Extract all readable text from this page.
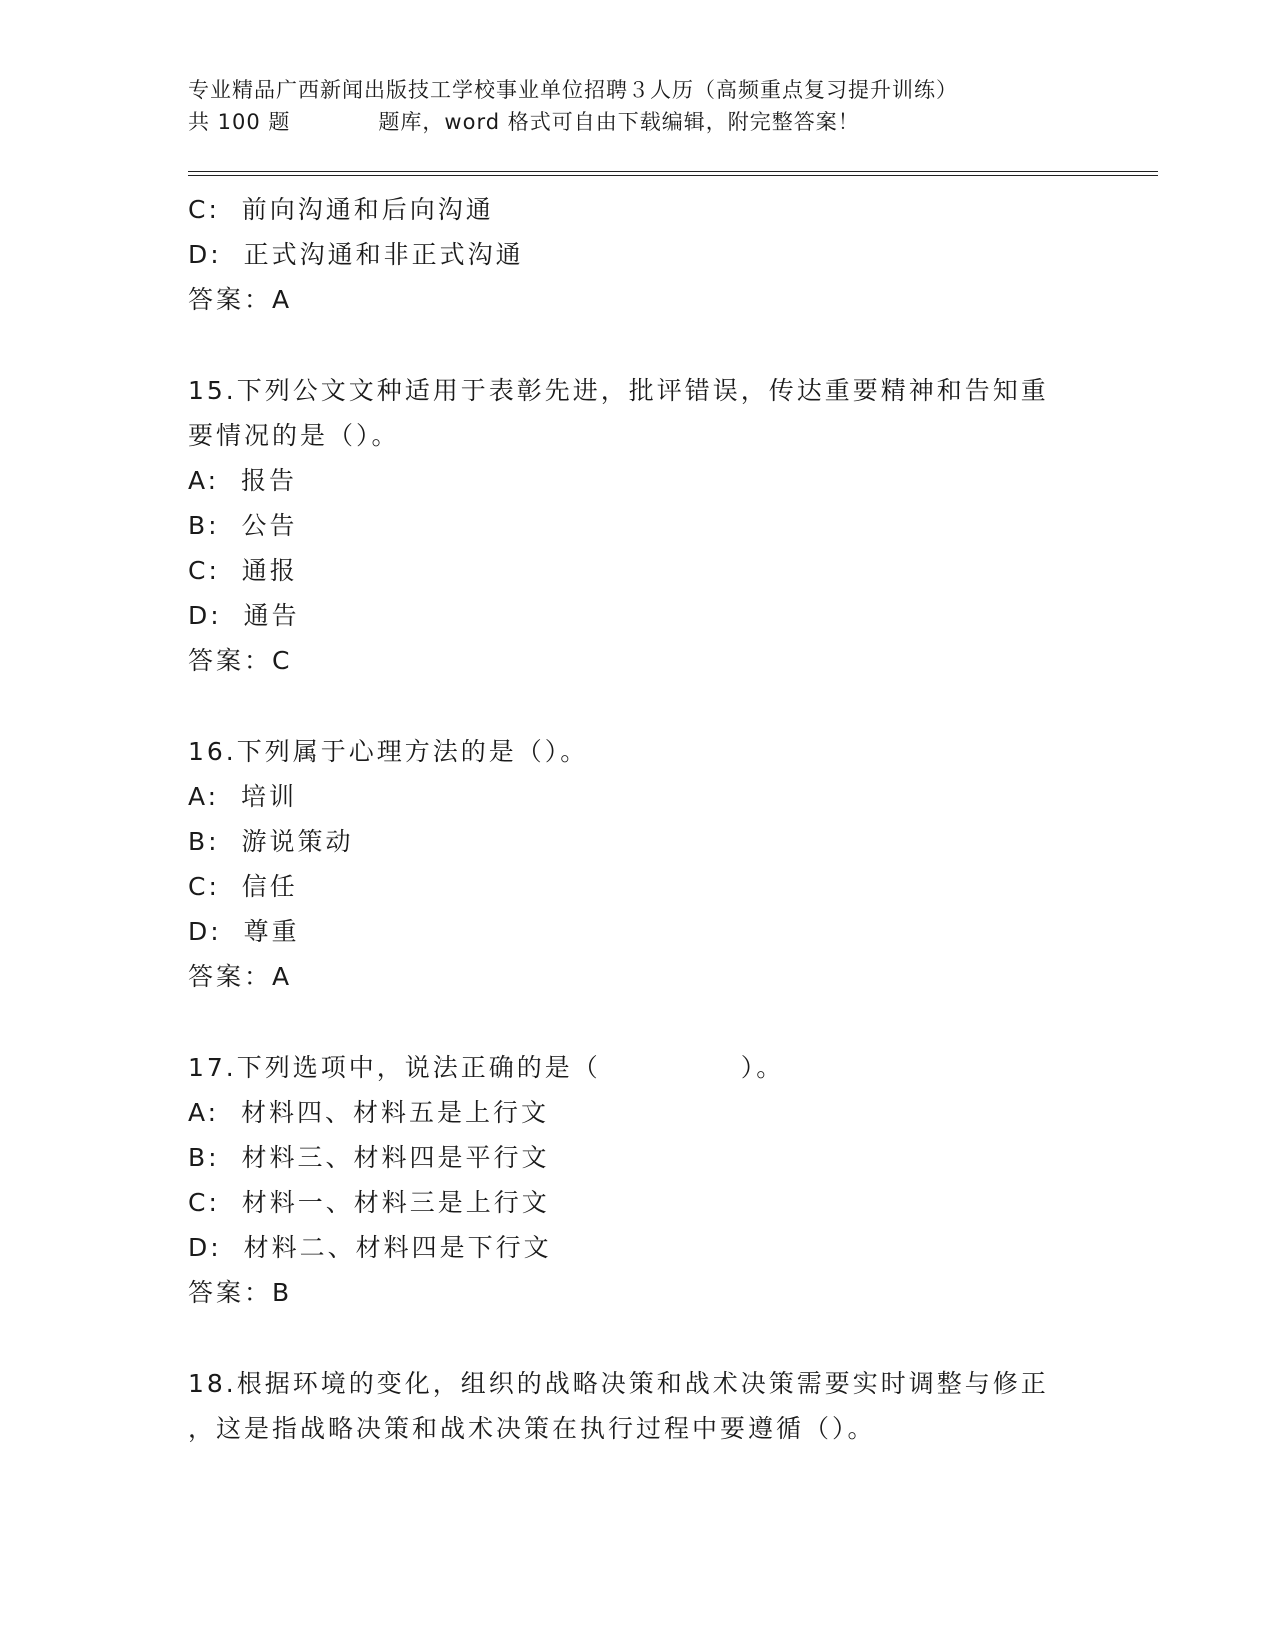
专业精品广西新闻出版技工学校事业单位招聘３人历（高频重点复习提升训练）
共 100 题　　　　题库，word 格式可自由下载编辑，附完整答案！
C:  前向沟通和后向沟通
D:  正式沟通和非正式沟通
答案：A
15.下列公文文种适用于表彰先进，批评错误，传达重要精神和告知重
要情况的是（）。
A:  报告
B:  公告
C:  通报
D:  通告
答案：C
16.下列属于心理方法的是（）。
A:  培训
B:  游说策动
C:  信任
D:  尊重
答案：A
17.下列选项中，说法正确的是（　　　　　）。
A:  材料四、材料五是上行文
B:  材料三、材料四是平行文
C:  材料一、材料三是上行文
D:  材料二、材料四是下行文
答案：B
18.根据环境的变化，组织的战略决策和战术决策需要实时调整与修正
，这是指战略决策和战术决策在执行过程中要遵循（）。
